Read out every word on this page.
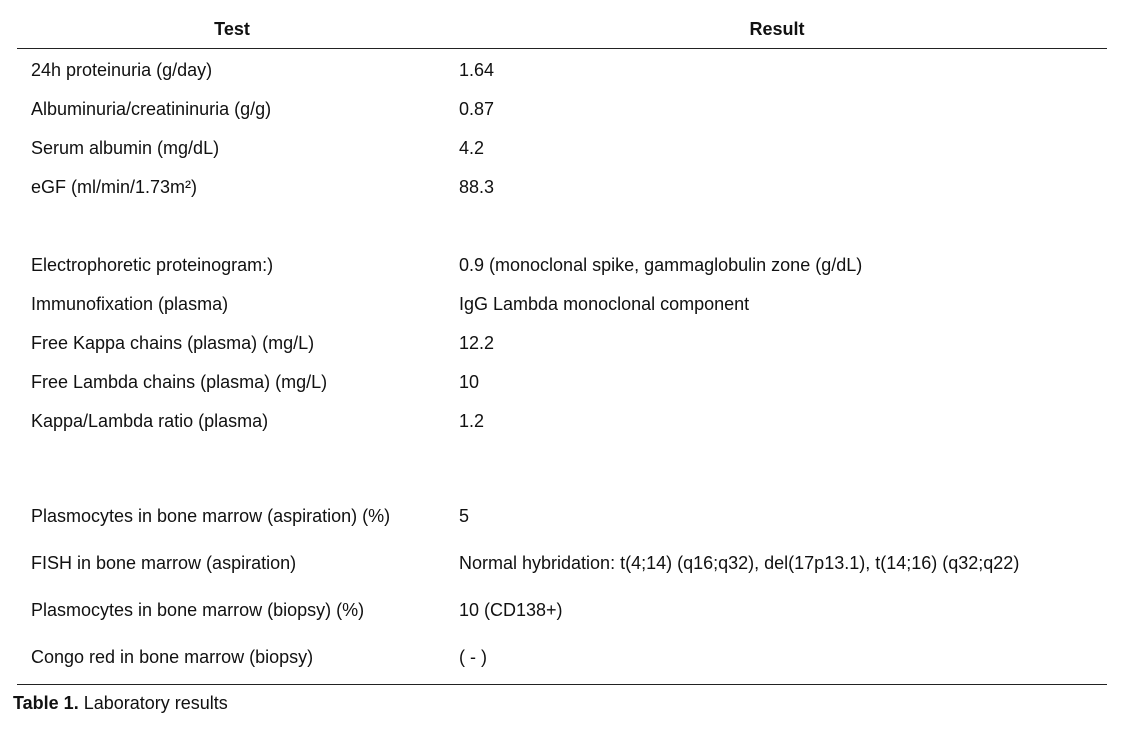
Test	Result
24h proteinuria (g/day)	1.64
Albuminuria/creatininuria (g/g)	0.87
Serum albumin (mg/dL)	4.2
eGF (ml/min/1.73m²)	88.3
Electrophoretic proteinogram:)	0.9 (monoclonal spike, gammaglobulin zone (g/dL)
Immunofixation (plasma)	IgG Lambda monoclonal component
Free Kappa chains (plasma) (mg/L)	12.2
Free Lambda chains (plasma) (mg/L)	10
Kappa/Lambda ratio (plasma)	1.2
Plasmocytes in bone marrow (aspiration) (%)	5
FISH in bone marrow (aspiration)	Normal hybridation: t(4;14) (q16;q32), del(17p13.1), t(14;16) (q32;q22)
Plasmocytes in bone marrow (biopsy) (%)	10 (CD138+)
Congo red in bone marrow (biopsy)	( - )
Table 1. Laboratory results
